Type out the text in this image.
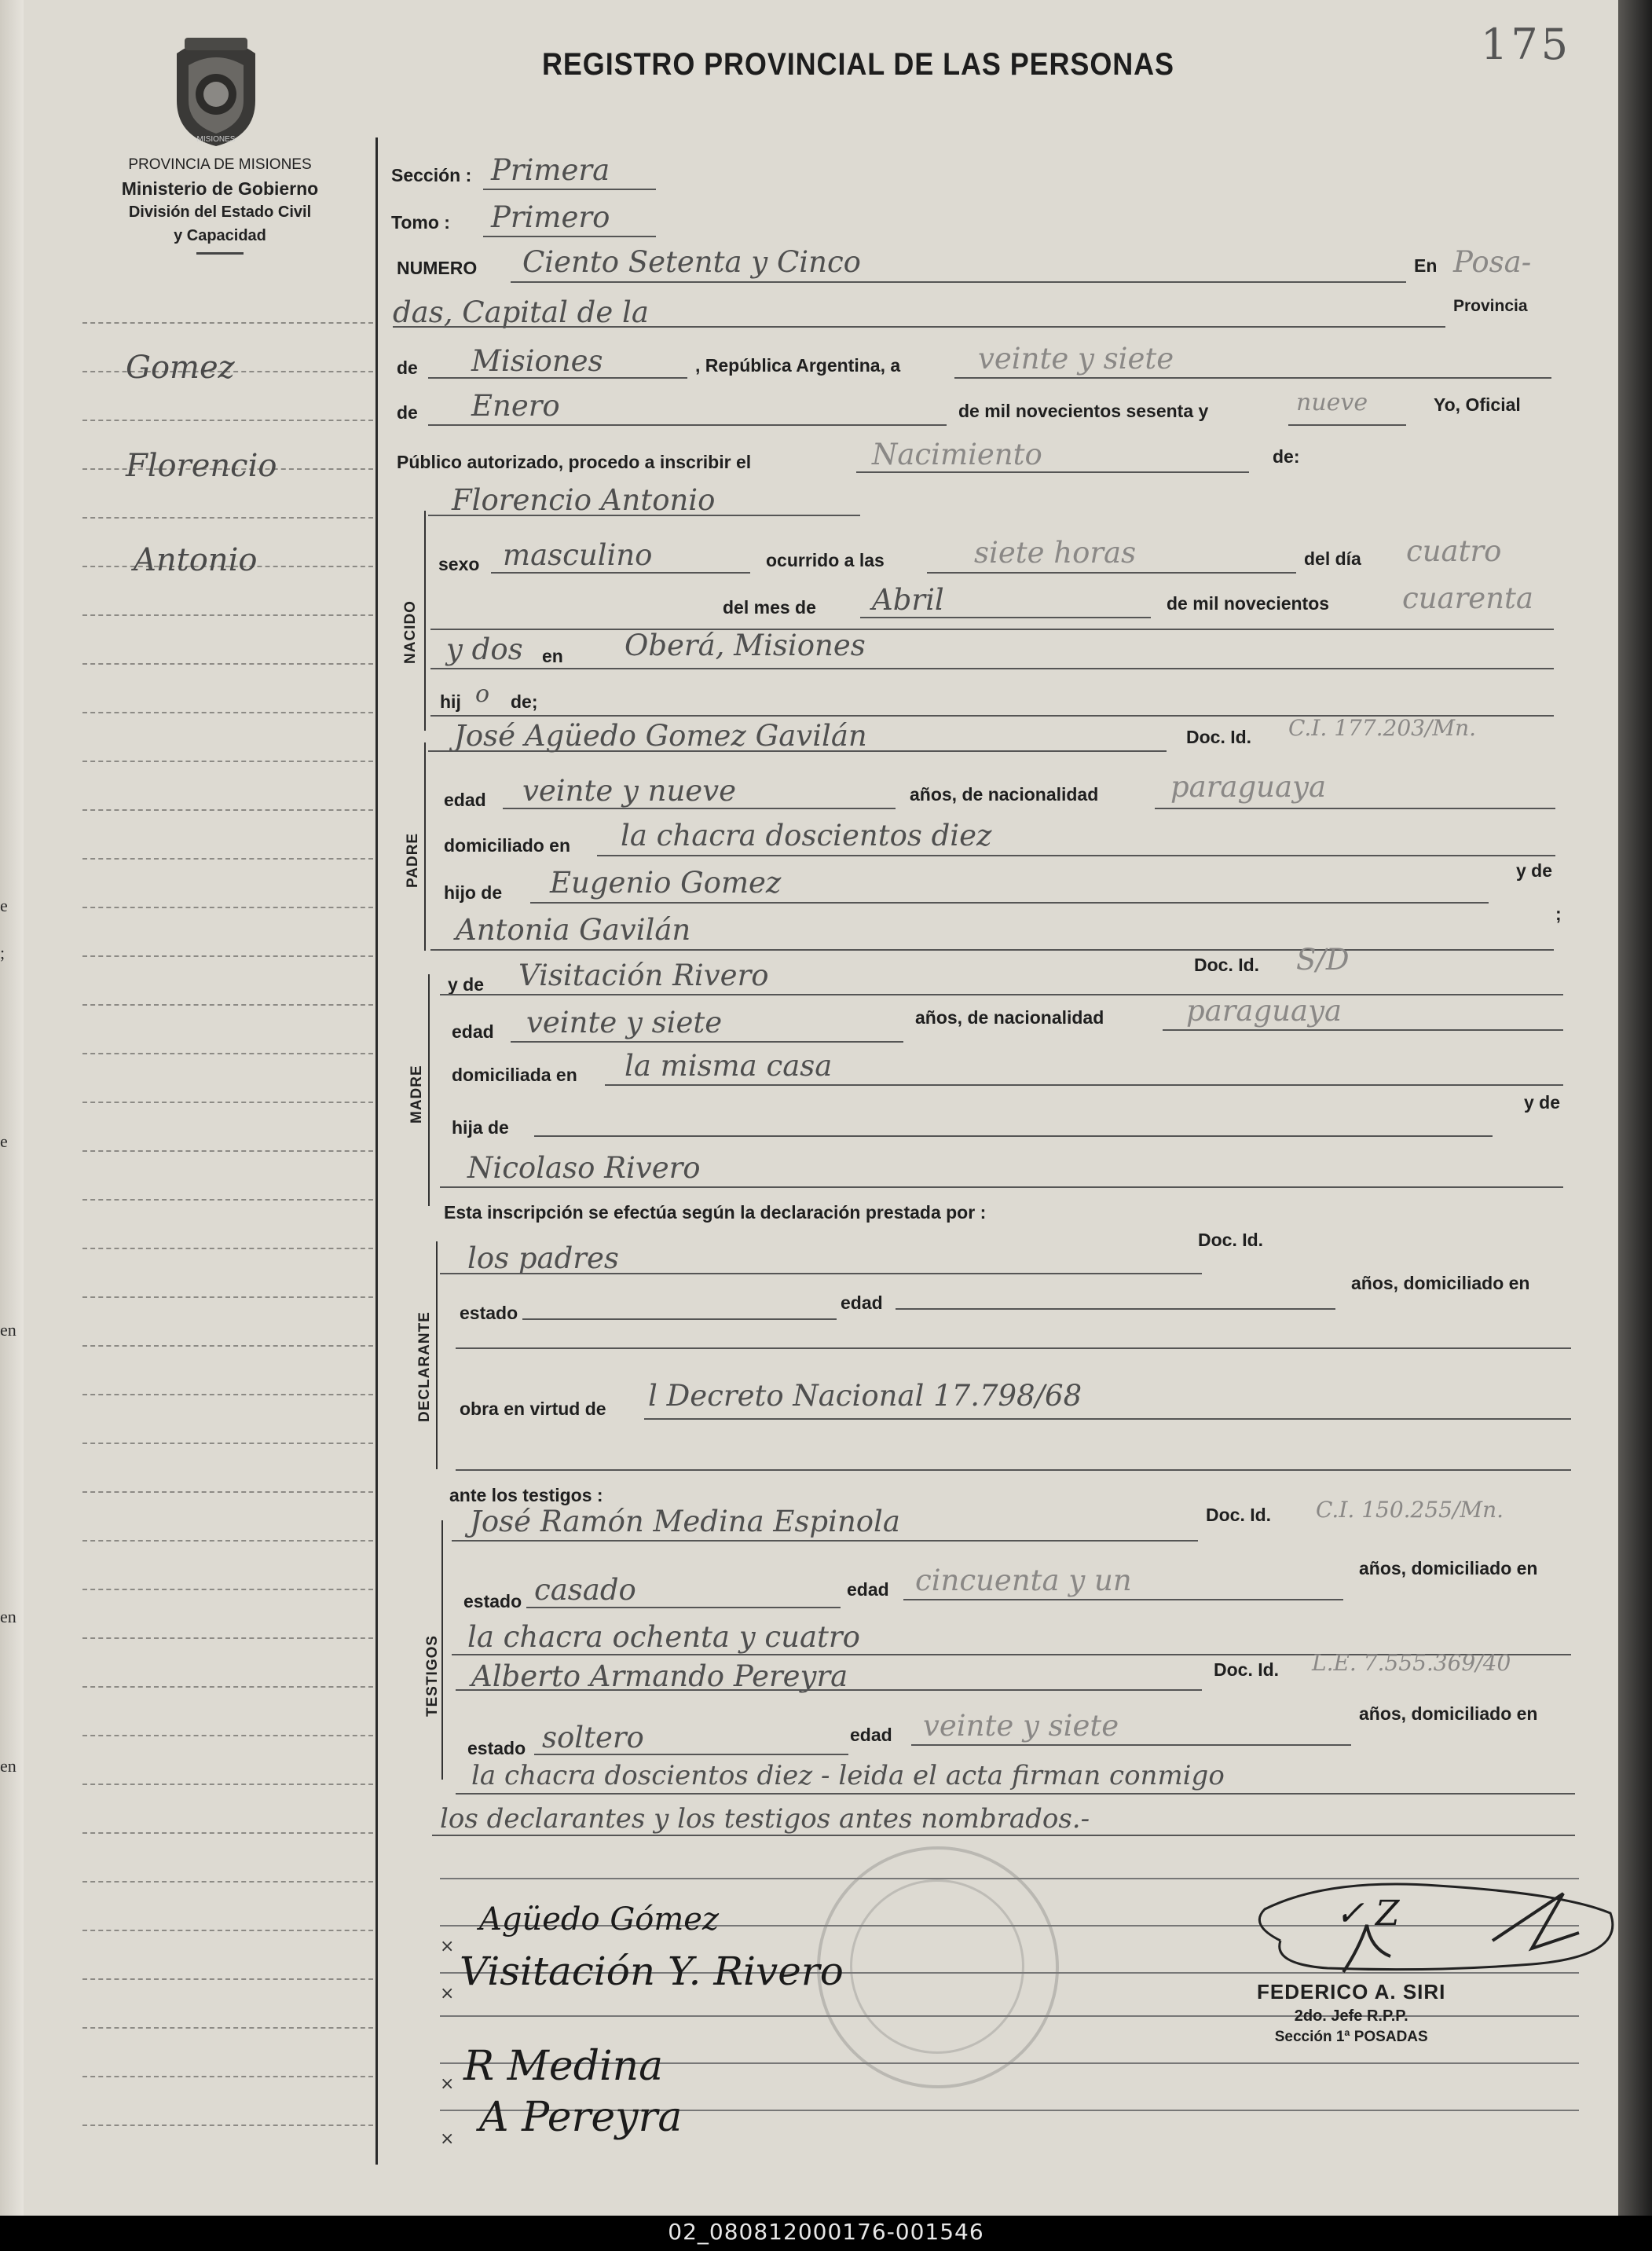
e
;
e
en
en
en
MISIONES
PROVINCIA DE MISIONES
Ministerio de Gobierno
División del Estado Civil
y Capacidad
REGISTRO PROVINCIAL DE LAS PERSONAS	175
Gomez
Florencio
Antonio
Sección : Primera
Tomo : Primero
NUMERO Ciento Setenta y Cinco	En Posa-
das, Capital de la	Provincia
de Misiones	, República Argentina, a	veinte y siete
de Enero	de mil novecientos sesenta y	nueve	Yo, Oficial
Público autorizado, procedo a inscribir el	Nacimiento	de:
NACIDO
Florencio Antonio
sexo masculino	ocurrido a las	siete horas	del día cuatro
del mes de Abril	de mil novecientos	cuarenta
y dos en Oberá, Misiones
hij o de;
PADRE
José Agüedo Gomez Gavilán	Doc. Id. C.I. 177.203/Mn.
edad veinte y nueve	años, de nacionalidad paraguaya
domiciliado en la chacra doscientos diez
hijo de Eugenio Gomez	y de
Antonia Gavilán	;
MADRE
y de Visitación Rivero	Doc. Id. S/D
edad veinte y siete	años, de nacionalidad	paraguaya
domiciliada en la misma casa
hija de
y de
Nicolaso Rivero
Esta inscripción se efectúa según la declaración prestada por :
Doc. Id.
DECLARANTE
los padres
años, domiciliado en
estado	edad
obra en virtud de l Decreto Nacional 17.798/68
ante los testigos :
TESTIGOS
José Ramón Medina Espinola	Doc. Id. C.I. 150.255/Mn.
años, domiciliado en
estado casado	edad cincuenta y un
la chacra ochenta y cuatro
Alberto Armando Pereyra	Doc. Id. L.E. 7.555.369/40
años, domiciliado en
estado soltero	edad veinte y siete
la chacra doscientos diez - leida el acta firman conmigo
los declarantes y los testigos antes nombrados.-
×
×
×
×
Agüedo Gómez
Visitación Y. Rivero
R Medina
A Pereyra
✓ Z
FEDERICO A. SIRI
2do. Jefe R.P.P.
Sección 1ª POSADAS
02_080812000176-001546
